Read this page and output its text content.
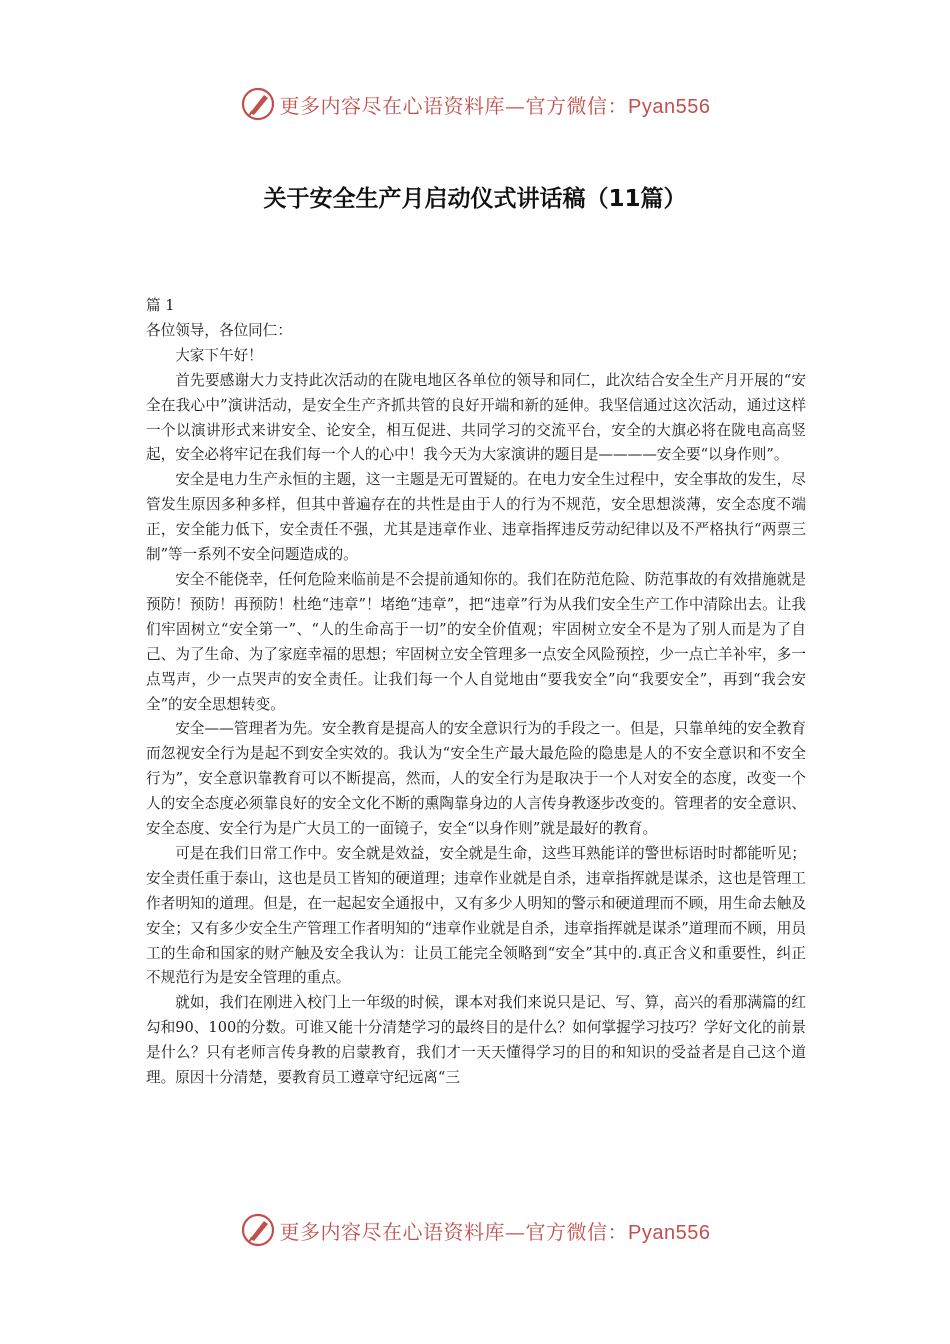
更多内容尽在心语资料库—官方微信：Pyan556
关于安全生产月启动仪式讲话稿（11篇）

篇 1

各位领导，各位同仁：

大家下午好！

首先要感谢大力支持此次活动的在陇电地区各单位的领导和同仁，此次结合安全生产月开展的“安全在我心中”演讲活动，是安全生产齐抓共管的良好开端和新的延伸。我坚信通过这次活动，通过这样一个以演讲形式来讲安全、论安全，相互促进、共同学习的交流平台，安全的大旗必将在陇电高高竖起，安全必将牢记在我们每一个人的心中！我今天为大家演讲的题目是————安全要“以身作则”。

安全是电力生产永恒的主题，这一主题是无可置疑的。在电力安全生过程中，安全事故的发生，尽管发生原因多种多样，但其中普遍存在的共性是由于人的行为不规范，安全思想淡薄，安全态度不端正，安全能力低下，安全责任不强，尤其是违章作业、违章指挥违反劳动纪律以及不严格执行“两票三制”等一系列不安全问题造成的。

安全不能侥幸，任何危险来临前是不会提前通知你的。我们在防范危险、防范事故的有效措施就是预防！预防！再预防！杜绝“违章”！堵绝“违章”，把“违章”行为从我们安全生产工作中清除出去。让我们牢固树立“安全第一”、“人的生命高于一切”的安全价值观；牢固树立安全不是为了别人而是为了自己、为了生命、为了家庭幸福的思想；牢固树立安全管理多一点安全风险预控，少一点亡羊补牢，多一点骂声，少一点哭声的安全责任。让我们每一个人自觉地由“要我安全”向“我要安全”，再到“我会安全”的安全思想转变。

安全——管理者为先。安全教育是提高人的安全意识行为的手段之一。但是，只靠单纯的安全教育而忽视安全行为是起不到安全实效的。我认为“安全生产最大最危险的隐患是人的不安全意识和不安全行为”，安全意识靠教育可以不断提高，然而，人的安全行为是取决于一个人对安全的态度，改变一个人的安全态度必须靠良好的安全文化不断的熏陶靠身边的人言传身教逐步改变的。管理者的安全意识、安全态度、安全行为是广大员工的一面镜子，安全“以身作则”就是最好的教育。

可是在我们日常工作中。安全就是效益，安全就是生命，这些耳熟能详的警世标语时时都能听见；安全责任重于泰山，这也是员工皆知的硬道理；违章作业就是自杀，违章指挥就是谋杀，这也是管理工作者明知的道理。但是，在一起起安全通报中，又有多少人明知的警示和硬道理而不顾，用生命去触及安全；又有多少安全生产管理工作者明知的“违章作业就是自杀，违章指挥就是谋杀”道理而不顾，用员工的生命和国家的财产触及安全我认为：让员工能完全领略到“安全”其中的.真正含义和重要性，纠正不规范行为是安全管理的重点。

就如，我们在刚进入校门上一年级的时候，课本对我们来说只是记、写、算，高兴的看那满篇的红勾和90、100的分数。可谁又能十分清楚学习的最终目的是什么？如何掌握学习技巧？学好文化的前景是什么？只有老师言传身教的启蒙教育，我们才一天天懂得学习的目的和知识的受益者是自己这个道理。原因十分清楚，要教育员工遵章守纪远离“三

更多内容尽在心语资料库—官方微信：Pyan556
